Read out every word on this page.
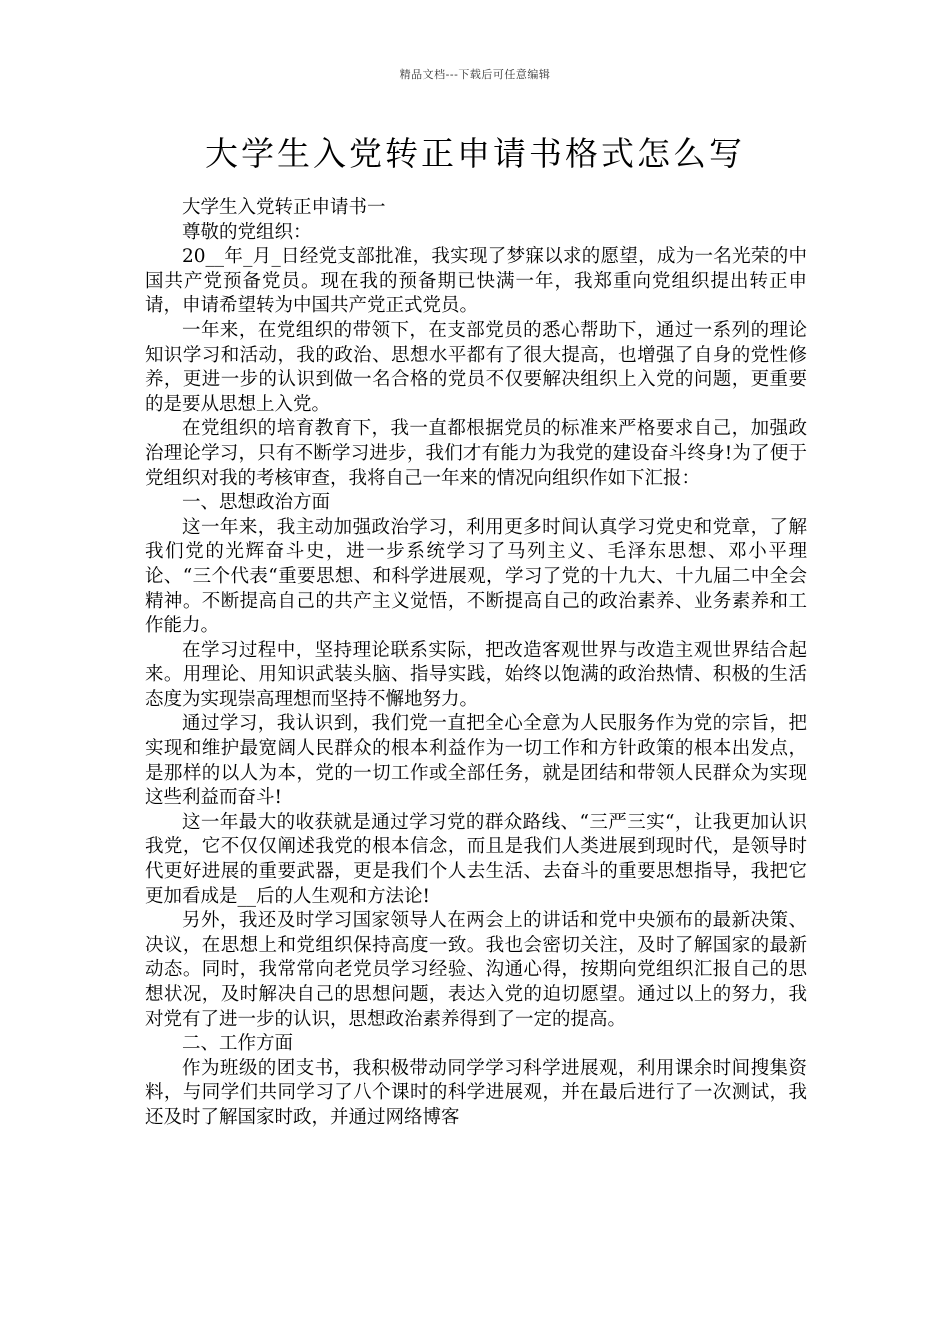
精品文档---下载后可任意编辑
大学生入党转正申请书格式怎么写

大学生入党转正申请书一

尊敬的党组织：

20__年_月_日经党支部批准，我实现了梦寐以求的愿望，成为一名光荣的中国共产党预备党员。现在我的预备期已快满一年，我郑重向党组织提出转正申请，申请希望转为中国共产党正式党员。

一年来，在党组织的带领下，在支部党员的悉心帮助下，通过一系列的理论知识学习和活动，我的政治、思想水平都有了很大提高，也增强了自身的党性修养，更进一步的认识到做一名合格的党员不仅要解决组织上入党的问题，更重要的是要从思想上入党。

在党组织的培育教育下，我一直都根据党员的标准来严格要求自己，加强政治理论学习，只有不断学习进步，我们才有能力为我党的建设奋斗终身!为了便于党组织对我的考核审查，我将自己一年来的情况向组织作如下汇报：

一、思想政治方面

这一年来，我主动加强政治学习，利用更多时间认真学习党史和党章，了解我们党的光辉奋斗史，进一步系统学习了马列主义、毛泽东思想、邓小平理论、“三个代表“重要思想、和科学进展观，学习了党的十九大、十九届二中全会精神。不断提高自己的共产主义觉悟，不断提高自己的政治素养、业务素养和工作能力。

在学习过程中，坚持理论联系实际，把改造客观世界与改造主观世界结合起来。用理论、用知识武装头脑、指导实践，始终以饱满的政治热情、积极的生活态度为实现崇高理想而坚持不懈地努力。

通过学习，我认识到，我们党一直把全心全意为人民服务作为党的宗旨，把实现和维护最宽阔人民群众的根本利益作为一切工作和方针政策的根本出发点，是那样的以人为本，党的一切工作或全部任务，就是团结和带领人民群众为实现这些利益而奋斗!

这一年最大的收获就是通过学习党的群众路线、“三严三实“，让我更加认识我党，它不仅仅阐述我党的根本信念，而且是我们人类进展到现时代，是领导时代更好进展的重要武器，更是我们个人去生活、去奋斗的重要思想指导，我把它更加看成是__后的人生观和方法论!

另外，我还及时学习国家领导人在两会上的讲话和党中央颁布的最新决策、决议，在思想上和党组织保持高度一致。我也会密切关注，及时了解国家的最新动态。同时，我常常向老党员学习经验、沟通心得，按期向党组织汇报自己的思想状况，及时解决自己的思想问题，表达入党的迫切愿望。通过以上的努力，我对党有了进一步的认识，思想政治素养得到了一定的提高。

二、工作方面

作为班级的团支书，我积极带动同学学习科学进展观，利用课余时间搜集资料，与同学们共同学习了八个课时的科学进展观，并在最后进行了一次测试，我还及时了解国家时政，并通过网络博客
